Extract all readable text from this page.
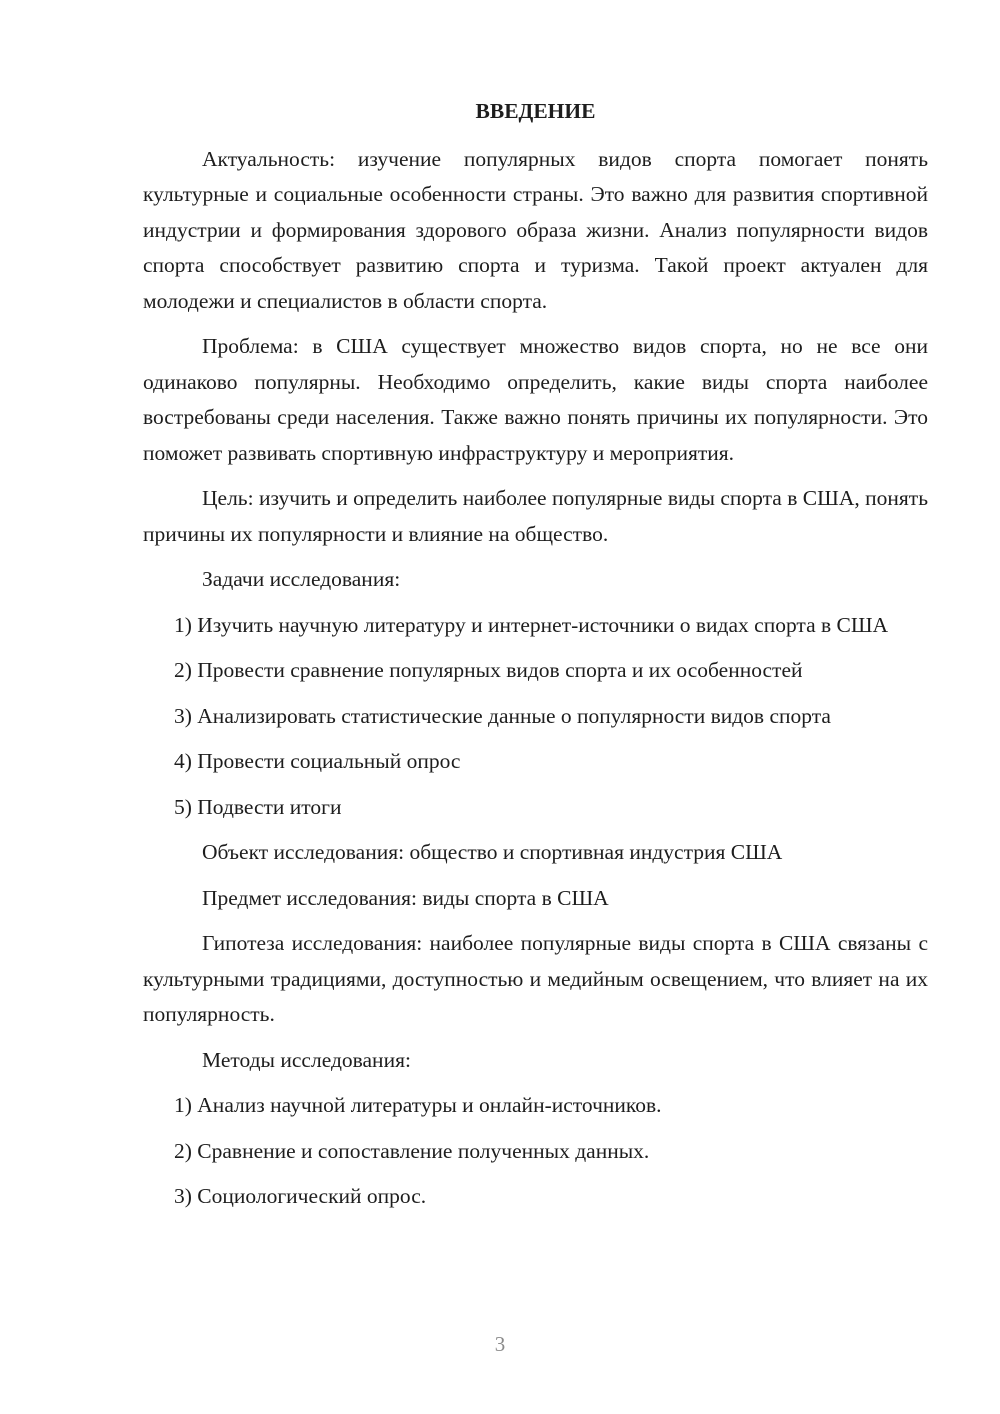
ВВЕДЕНИЕ

Актуальность: изучение популярных видов спорта помогает понять культурные и социальные особенности страны. Это важно для развития спортивной индустрии и формирования здорового образа жизни. Анализ популярности видов спорта способствует развитию спорта и туризма. Такой проект актуален для молодежи и специалистов в области спорта.

Проблема: в США существует множество видов спорта, но не все они одинаково популярны. Необходимо определить, какие виды спорта наиболее востребованы среди населения. Также важно понять причины их популярности. Это поможет развивать спортивную инфраструктуру и мероприятия.

Цель: изучить и определить наиболее популярные виды спорта в США, понять причины их популярности и влияние на общество.

Задачи исследования:

1) Изучить научную литературу и интернет-источники о видах спорта в США

2) Провести сравнение популярных видов спорта и их особенностей

3) Анализировать статистические данные о популярности видов спорта

4) Провести социальный опрос

5) Подвести итоги

Объект исследования: общество и спортивная индустрия США

Предмет исследования: виды спорта в США

Гипотеза исследования: наиболее популярные виды спорта в США связаны с культурными традициями, доступностью и медийным освещением, что влияет на их популярность.

Методы исследования:

1) Анализ научной литературы и онлайн-источников.

2) Сравнение и сопоставление полученных данных.

3) Социологический опрос.

3
